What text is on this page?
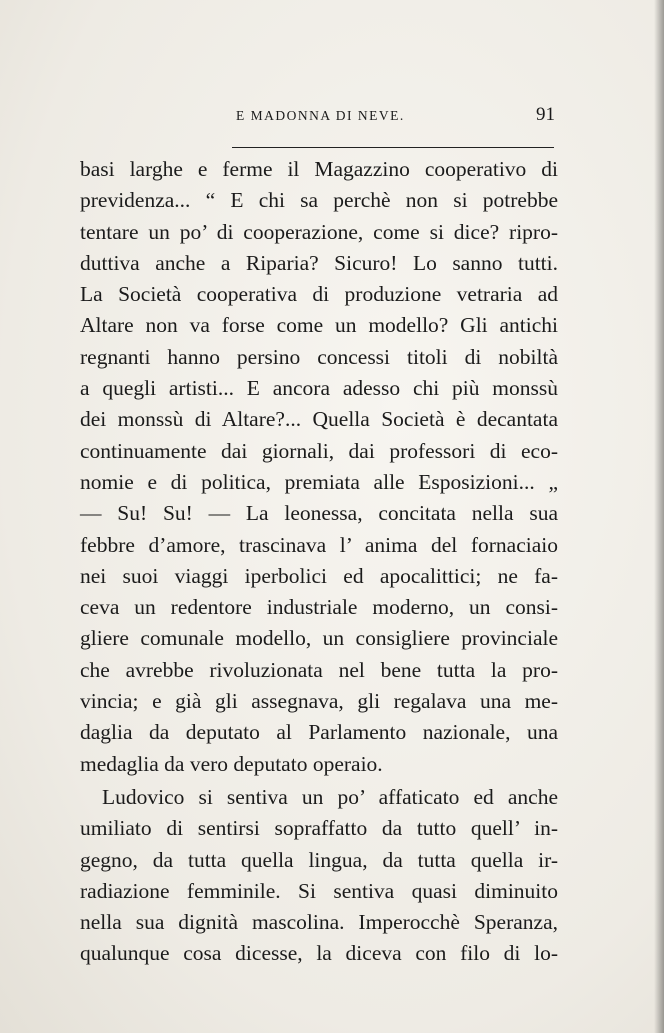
E MADONNA DI NEVE.	91
basi larghe e ferme il Magazzino cooperativo di
previdenza... “ E chi sa perchè non si potrebbe
tentare un po’ di cooperazione, come si dice? ripro-
duttiva anche a Riparia? Sicuro! Lo sanno tutti.
La Società cooperativa di produzione vetraria ad
Altare non va forse come un modello? Gli antichi
regnanti hanno persino concessi titoli di nobiltà
a quegli artisti... E ancora adesso chi più monssù
dei monssù di Altare?... Quella Società è decantata
continuamente dai giornali, dai professori di eco-
nomie e di politica, premiata alle Esposizioni... „
— Su! Su! — La leonessa, concitata nella sua
febbre d’amore, trascinava l’ anima del fornaciaio
nei suoi viaggi iperbolici ed apocalittici; ne fa-
ceva un redentore industriale moderno, un consi-
gliere comunale modello, un consigliere provinciale
che avrebbe rivoluzionata nel bene tutta la pro-
vincia; e già gli assegnava, gli regalava una me-
daglia da deputato al Parlamento nazionale, una
medaglia da vero deputato operaio.
Ludovico si sentiva un po’ affaticato ed anche
umiliato di sentirsi sopraffatto da tutto quell’ in-
gegno, da tutta quella lingua, da tutta quella ir-
radiazione femminile. Si sentiva quasi diminuito
nella sua dignità mascolina. Imperocchè Speranza,
qualunque cosa dicesse, la diceva con filo di lo-
